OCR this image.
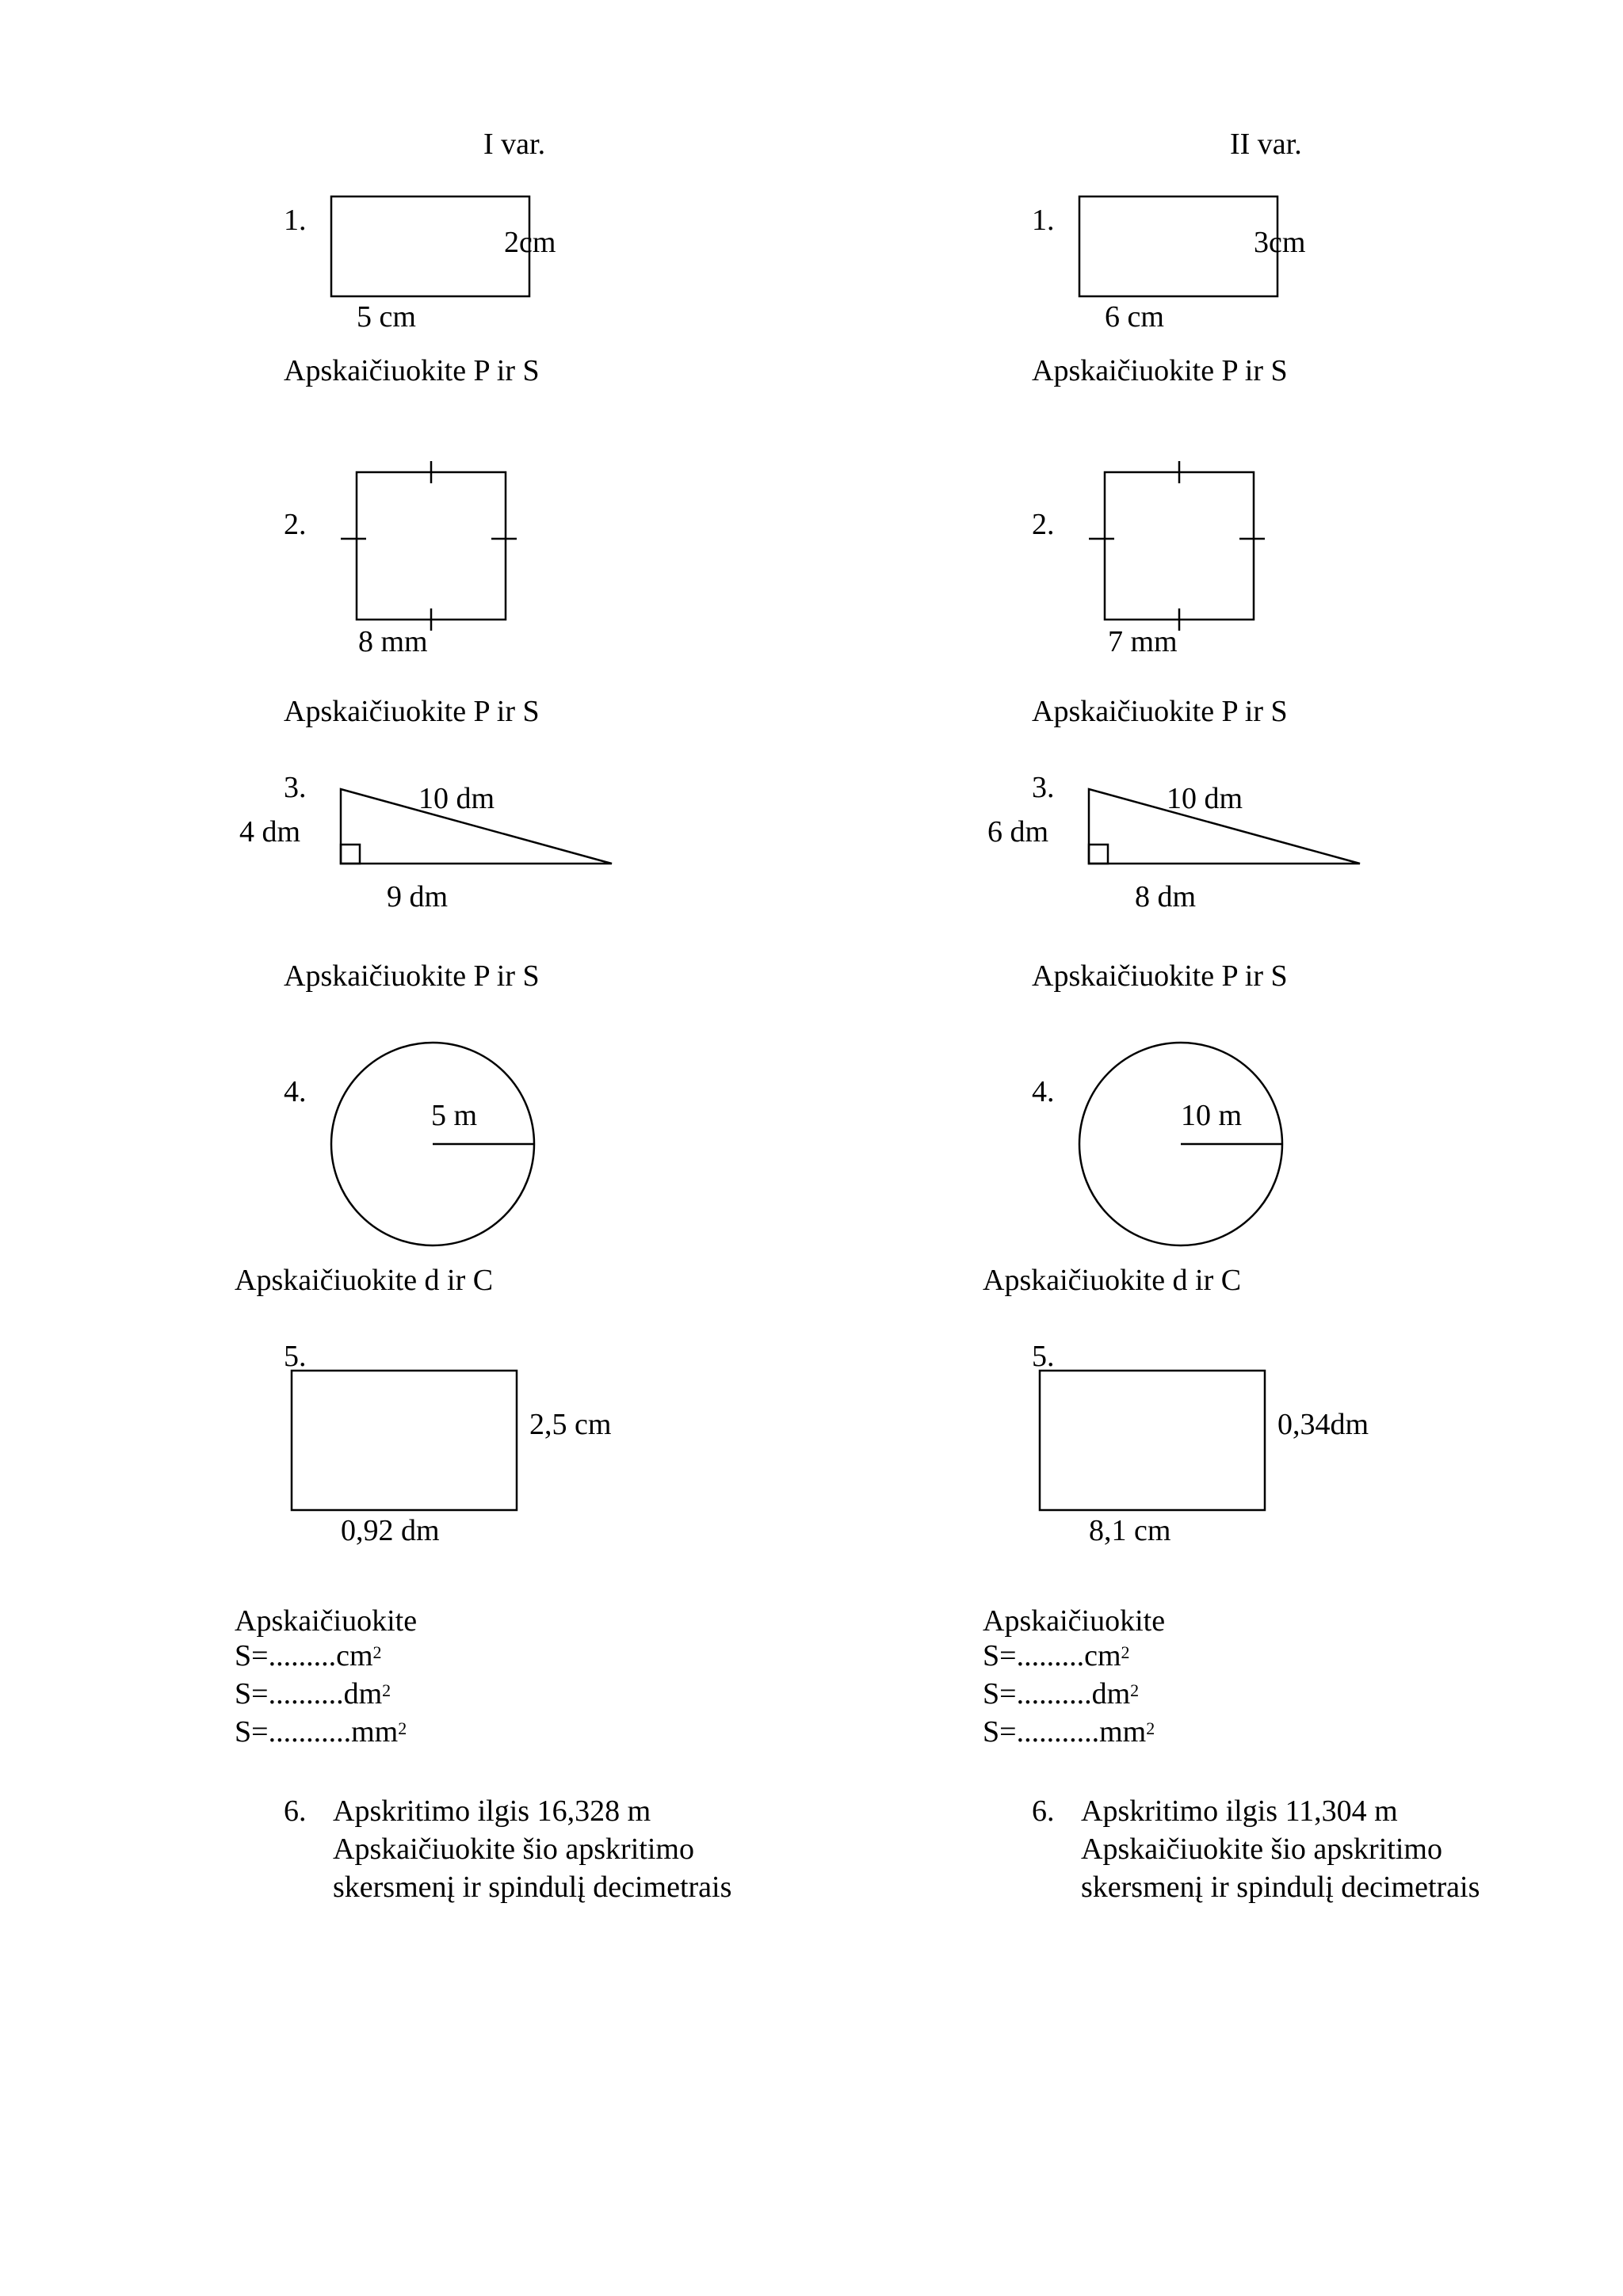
I var.
1.
2cm
5 cm
Apskaičiuokite P ir S
2.
8 mm
Apskaičiuokite P ir S
3.	10 dm
4 dm
9 dm
Apskaičiuokite P ir S
4.
5 m
Apskaičiuokite d ir C
5.
2,5 cm
0,92 dm
Apskaičiuokite
$S=.........cm^2$
$S=..........dm^2$
$S=...........mm^2$
6. Apskritimo ilgis 16,328 m
Apskaičiuokite šio apskritimo
skersmenį ir spindulį decimetrais
II var.
1.
3cm
6 cm
Apskaičiuokite P ir S
2.
7 mm
Apskaičiuokite P ir S
3.	10 dm
6 dm
8 dm
Apskaičiuokite P ir S
4.
10 m
Apskaičiuokite d ir C
5.
0,34dm
8,1 cm
Apskaičiuokite
$S=.........cm^2$
$S=..........dm^2$
$S=...........mm^2$
6. Apskritimo ilgis 11,304 m
Apskaičiuokite šio apskritimo
skersmenį ir spindulį decimetrais
